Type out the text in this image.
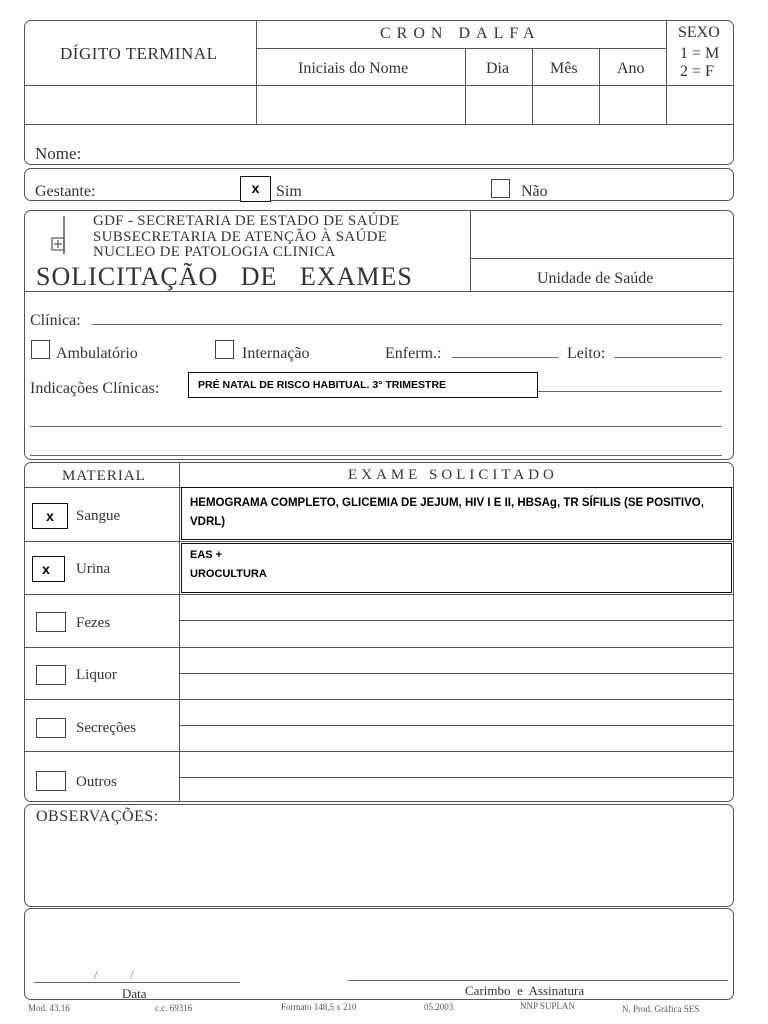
DÍGITO TERMINAL
CRON DALFA
Iniciais do Nome	Dia	Mês Ano
SEXO
1 = M
2 = F
Nome:
Gestante:	x	Sim	Não
GDF - SECRETARIA DE ESTADO DE SAÚDE
SUBSECRETARIA DE ATENÇÃO À SAÚDE
NUCLEO DE PATOLOGIA CLINICA
SOLICITAÇÃO   DE   EXAMES	Unidade de Saúde
Clínica:
Ambulatório	Internação	Enferm.:	Leito:
Indicações Clínicas:	PRÉ NATAL DE RISCO HABITUAL. 3° TRIMESTRE
MATERIAL	EXAME SOLICITADO
x	Sangue
HEMOGRAMA COMPLETO, GLICEMIA DE JEJUM, HIV I E II, HBSAg, TR SÍFILIS (SE POSITIVO, VDRL)
x	Urina
EAS +
UROCULTURA
Fezes
Liquor
Secreções
Outros
OBSERVAÇÕES:
/          /
Data	Carimbo  e  Assinatura
Mod. 43.16	c.c. 69316	Formato 148,5 x 210	05.2003	NNP SUPLAN	N. Prod. Gráfica SES
